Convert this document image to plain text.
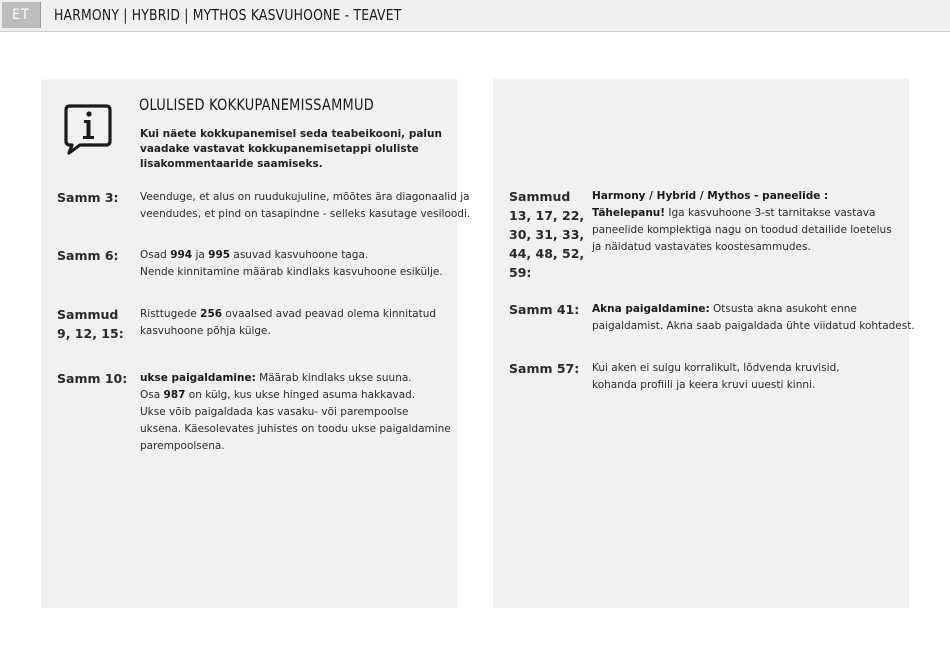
ET	HARMONY | HYBRID | MYTHOS KASVUHOONE - TEAVET
OLULISED KOKKUPANEMISSAMMUD
Kui näete kokkupanemisel seda teabeikooni, palun vaadake vastavat kokkupanemisetappi oluliste lisakommentaaride saamiseks.
Samm 3: Veenduge, et alus on ruudukujuline, mõõtes ära diagonaalid ja
veendudes, et pind on tasapindne - selleks kasutage vesiloodi.
Samm 6: Osad 994 ja 995 asuvad kasvuhoone taga.
Nende kinnitamine määrab kindlaks kasvuhoone esikülje.
Sammud
9, 12, 15:
Risttugede 256 ovaalsed avad peavad olema kinnitatud
kasvuhoone põhja külge.
Samm 10: ukse paigaldamine: Määrab kindlaks ukse suuna.
Osa 987 on külg, kus ukse hinged asuma hakkavad.
Ukse võib paigaldada kas vasaku- või parempoolse
uksena. Käesolevates juhistes on toodu ukse paigaldamine
parempoolsena.
Sammud
13, 17, 22,
30, 31, 33,
44, 48, 52,
59:
Harmony / Hybrid / Mythos - paneelide :
Tähelepanu! Iga kasvuhoone 3-st tarnitakse vastava
paneelide komplektiga nagu on toodud detailide loetelus
ja näidatud vastavates koostesammudes.
Samm 41: Akna paigaldamine: Otsusta akna asukoht enne
paigaldamist. Akna saab paigaldada ühte viidatud kohtadest.
Samm 57: Kui aken ei sulgu korralikult, lõdvenda kruvisid,
kohanda profiili ja keera kruvi uuesti kinni.
